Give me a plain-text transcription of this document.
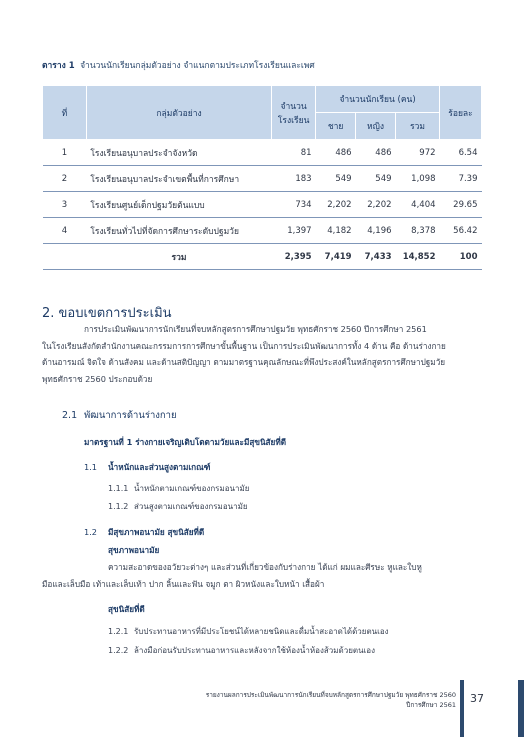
ตาราง 1 จำนวนนักเรียนกลุ่มตัวอย่าง จำแนกตามประเภทโรงเรียนและเพศ
ที่	กลุ่มตัวอย่าง	จำนวน
โรงเรียน	จำนวนนักเรียน (คน)			ร้อยละ
			ชาย	หญิง	รวม	
1	โรงเรียนอนุบาลประจำจังหวัด	81	486	486	972	6.54
2	โรงเรียนอนุบาลประจำเขตพื้นที่การศึกษา	183	549	549	1,098	7.39
3	โรงเรียนศูนย์เด็กปฐมวัยต้นแบบ	734	2,202	2,202	4,404	29.65
4	โรงเรียนทั่วไปที่จัดการศึกษาระดับปฐมวัย	1,397	4,182	4,196	8,378	56.42
	รวม	2,395	7,419	7,433	14,852	100
2. ขอบเขตการประเมิน
การประเมินพัฒนาการนักเรียนที่จบหลักสูตรการศึกษาปฐมวัย พุทธศักราช 2560 ปีการศึกษา 2561
ในโรงเรียนสังกัดสำนักงานคณะกรรมการการศึกษาขั้นพื้นฐาน เป็นการประเมินพัฒนาการทั้ง 4 ด้าน คือ ด้านร่างกาย
ด้านอารมณ์ จิตใจ ด้านสังคม และด้านสติปัญญา ตามมาตรฐานคุณลักษณะที่พึงประสงค์ในหลักสูตรการศึกษาปฐมวัย
พุทธศักราช 2560 ประกอบด้วย
2.1 พัฒนาการด้านร่างกาย
มาตรฐานที่ 1 ร่างกายเจริญเติบโตตามวัยและมีสุขนิสัยที่ดี
1.1 น้ำหนักและส่วนสูงตามเกณฑ์
1.1.1 น้ำหนักตามเกณฑ์ของกรมอนามัย
1.1.2 ส่วนสูงตามเกณฑ์ของกรมอนามัย
1.2 มีสุขภาพอนามัย สุขนิสัยที่ดี
สุขภาพอนามัย
ความสะอาดของอวัยวะต่างๆ และส่วนที่เกี่ยวข้องกับร่างกาย ได้แก่ ผมและศีรษะ หูและใบหู
มือและเล็บมือ เท้าและเล็บเท้า ปาก ลิ้นและฟัน จมูก ตา ผิวหนังและใบหน้า เสื้อผ้า
สุขนิสัยที่ดี
1.2.1 รับประทานอาหารที่มีประโยชน์ได้หลายชนิดและดื่มน้ำสะอาดได้ด้วยตนเอง
1.2.2 ล้างมือก่อนรับประทานอาหารและหลังจากใช้ห้องน้ำห้องส้วมด้วยตนเอง
รายงานผลการประเมินพัฒนาการนักเรียนที่จบหลักสูตรการศึกษาปฐมวัย พุทธศักราช 2560
ปีการศึกษา 2561 37
